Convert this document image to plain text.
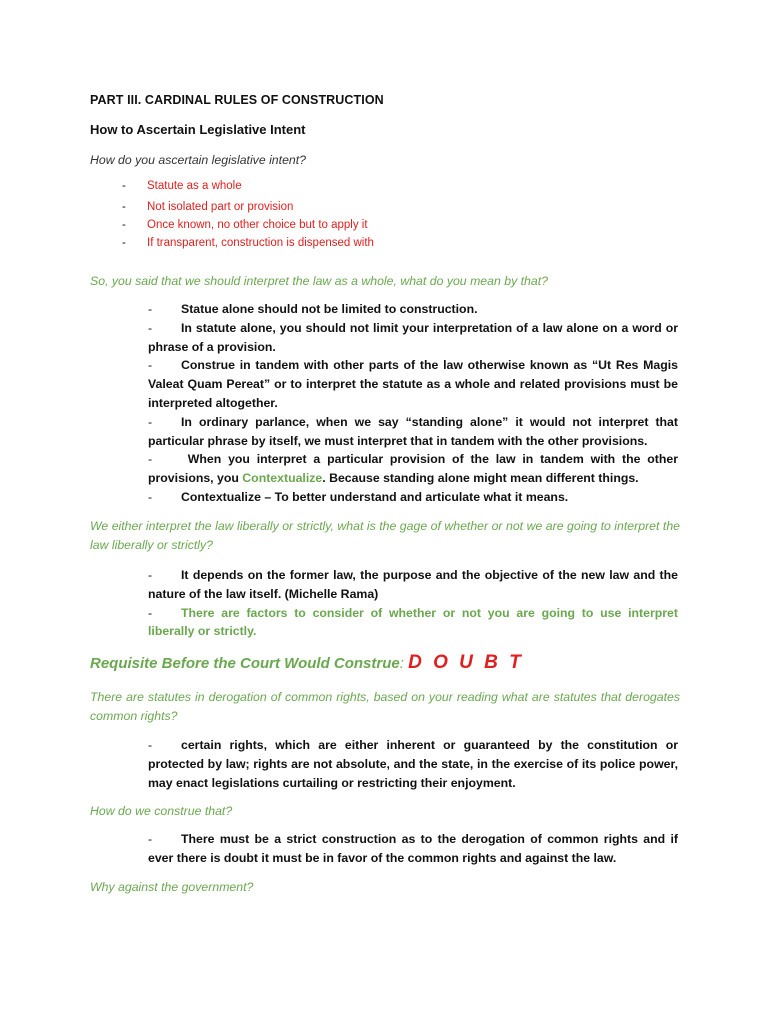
PART III. CARDINAL RULES OF CONSTRUCTION
How to Ascertain Legislative Intent
How do you ascertain legislative intent?
- Statute as a whole
- Not isolated part or provision
- Once known, no other choice but to apply it
- If transparent, construction is dispensed with
So, you said that we should interpret the law as a whole, what do you mean by that?

- Statue alone should not be limited to construction.

- In statute alone, you should not limit your interpretation of a law alone on a word or phrase of a provision.

- Construe in tandem with other parts of the law otherwise known as “Ut Res Magis Valeat Quam Pereat” or to interpret the statute as a whole and related provisions must be interpreted altogether.

- In ordinary parlance, when we say “standing alone” it would not interpret that particular phrase by itself, we must interpret that in tandem with the other provisions.

- When you interpret a particular provision of the law in tandem with the other provisions, you Contextualize. Because standing alone might mean different things.

- Contextualize – To better understand and articulate what it means.

We either interpret the law liberally or strictly, what is the gage of whether or not we are going to interpret the law liberally or strictly?

- It depends on the former law, the purpose and the objective of the new law and the nature of the law itself. (Michelle Rama)

- There are factors to consider of whether or not you are going to use interpret liberally or strictly.

Requisite Before the Court Would Construe: D O U B T
There are statutes in derogation of common rights, based on your reading what are statutes that derogates common rights?

- certain rights, which are either inherent or guaranteed by the constitution or protected by law; rights are not absolute, and the state, in the exercise of its police power, may enact legislations curtailing or restricting their enjoyment.

How do we construe that?

- There must be a strict construction as to the derogation of common rights and if ever there is doubt it must be in favor of the common rights and against the law.

Why against the government?
